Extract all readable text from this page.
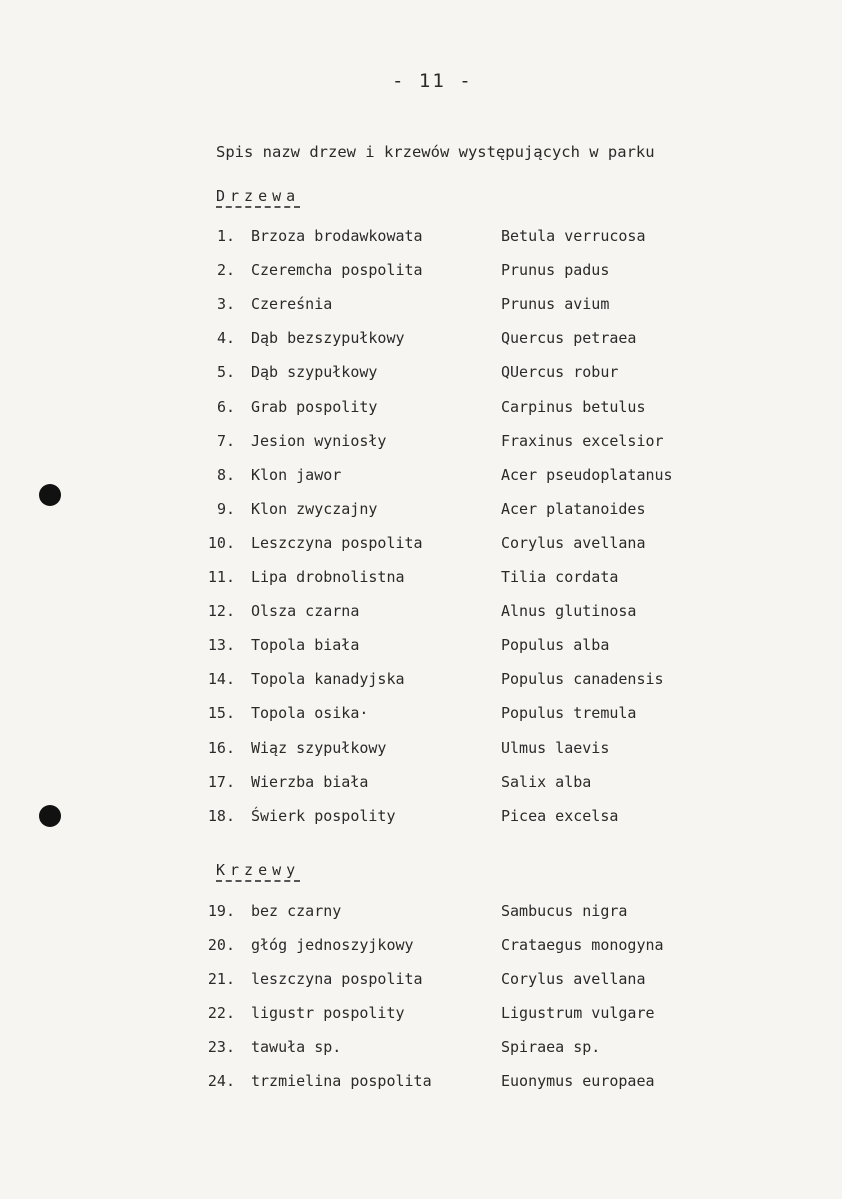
- 11 -
Spis nazw drzew i krzewów występujących w parku
Drzewa
Krzewy
1. Brzoza brodawkowata	Betula verrucosa
2. Czeremcha pospolita	Prunus padus
3. Czereśnia	Prunus avium
4. Dąb bezszypułkowy	Quercus petraea
5. Dąb szypułkowy	QUercus robur
6. Grab pospolity	Carpinus betulus
7. Jesion wyniosły	Fraxinus excelsior
8. Klon jawor	Acer pseudoplatanus
9. Klon zwyczajny	Acer platanoides
10. Leszczyna pospolita	Corylus avellana
11. Lipa drobnolistna	Tilia cordata
12. Olsza czarna	Alnus glutinosa
13. Topola biała	Populus alba
14. Topola kanadyjska	Populus canadensis
15. Topola osika·	Populus tremula
16. Wiąz szypułkowy	Ulmus laevis
17. Wierzba biała	Salix alba
18. Świerk pospolity	Picea excelsa
19. bez czarny	Sambucus nigra
20. głóg jednoszyjkowy	Crataegus monogyna
21. leszczyna pospolita	Corylus avellana
22. ligustr pospolity	Ligustrum vulgare
23. tawuła sp.	Spiraea sp.
24. trzmielina pospolita	Euonymus europaea
